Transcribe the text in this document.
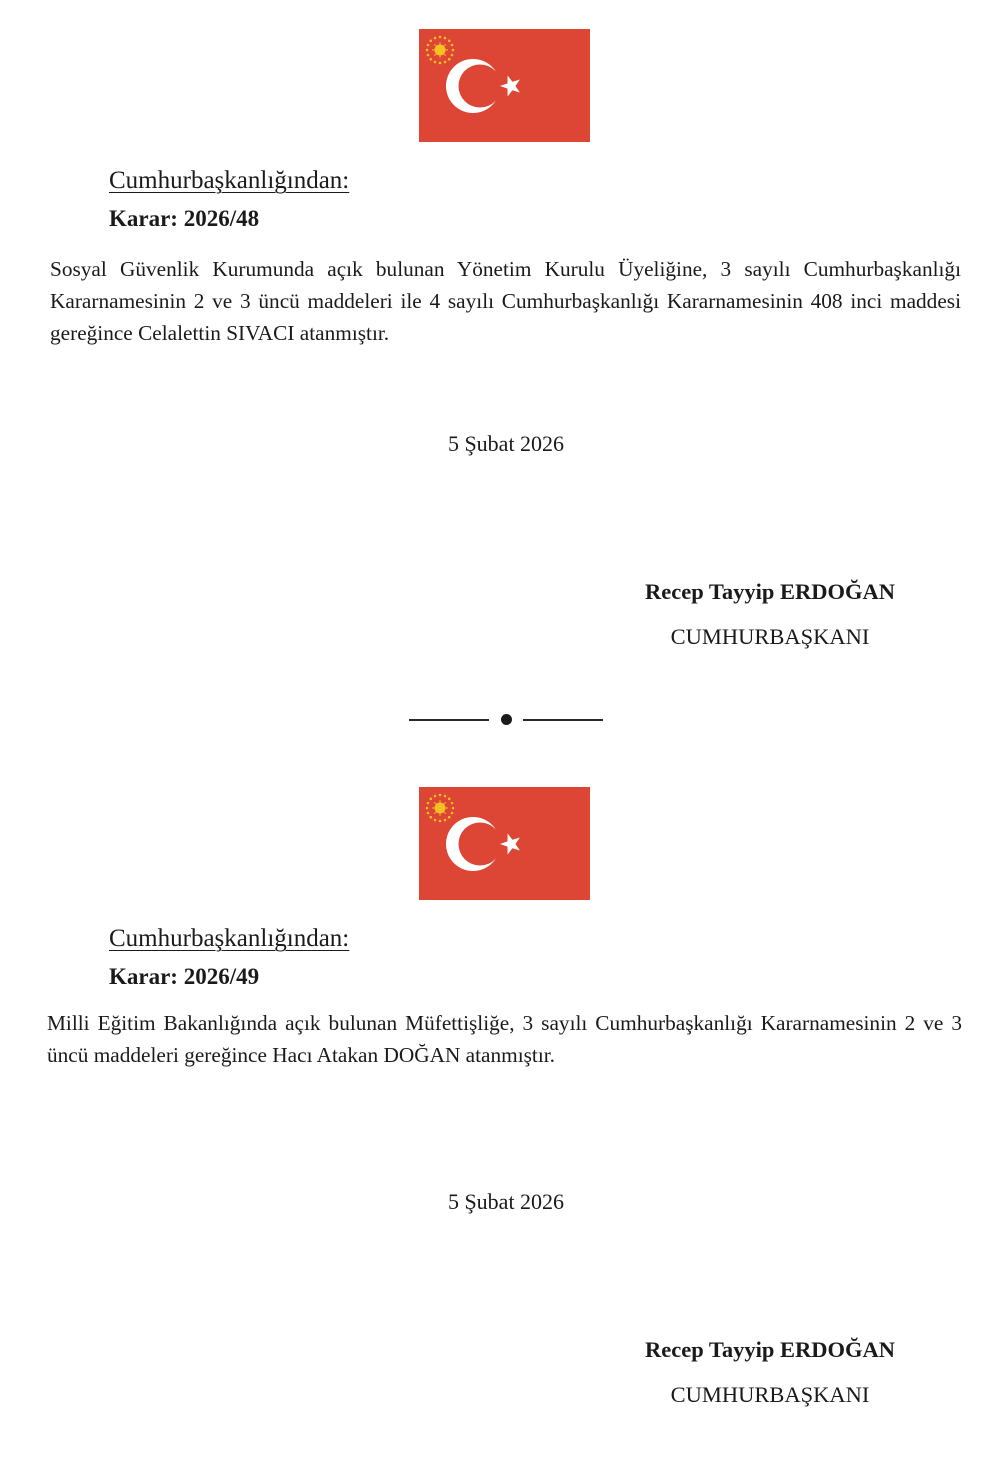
Cumhurbaşkanlığından:
Karar: 2026/48
Sosyal Güvenlik Kurumunda açık bulunan Yönetim Kurulu Üyeliğine, 3 sayılı Cumhurbaşkanlığı Kararnamesinin 2 ve 3 üncü maddeleri ile 4 sayılı Cumhurbaşkanlığı Kararnamesinin 408 inci maddesi gereğince Celalettin SIVACI atanmıştır.
5 Şubat 2026
Recep Tayyip ERDOĞAN
CUMHURBAŞKANI
Cumhurbaşkanlığından:
Karar: 2026/49
Milli Eğitim Bakanlığında açık bulunan Müfettişliğe, 3 sayılı Cumhurbaşkanlığı Kararnamesinin 2 ve 3 üncü maddeleri gereğince Hacı Atakan DOĞAN atanmıştır.
5 Şubat 2026
Recep Tayyip ERDOĞAN
CUMHURBAŞKANI
